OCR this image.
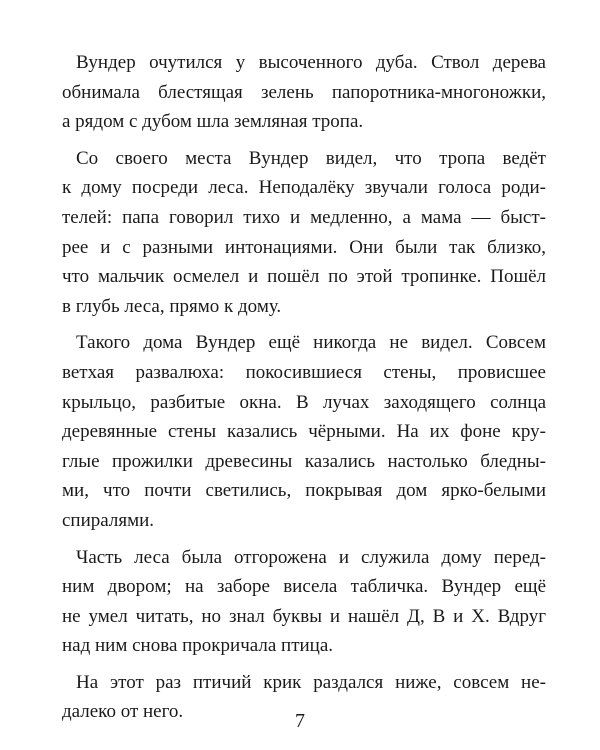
Вундер очутился у высоченного дуба. Ствол дерева
обнимала блестящая зелень папоротника-многоножки,
а рядом с дубом шла земляная тропа.
Со своего места Вундер видел, что тропа ведёт
к дому посреди леса. Неподалёку звучали голоса роди-
телей: папа говорил тихо и медленно, а мама — быст-
рее и с разными интонациями. Они были так близко,
что мальчик осмелел и пошёл по этой тропинке. Пошёл
в глубь леса, прямо к дому.
Такого дома Вундер ещё никогда не видел. Совсем
ветхая развалюха: покосившиеся стены, провисшее
крыльцо, разбитые окна. В лучах заходящего солнца
деревянные стены казались чёрными. На их фоне кру-
глые прожилки древесины казались настолько бледны-
ми, что почти светились, покрывая дом ярко-белыми
спиралями.
Часть леса была отгорожена и служила дому перед-
ним двором; на заборе висела табличка. Вундер ещё
не умел читать, но знал буквы и нашёл Д, В и Х. Вдруг
над ним снова прокричала птица.
На этот раз птичий крик раздался ниже, совсем не-
далеко от него.	7
